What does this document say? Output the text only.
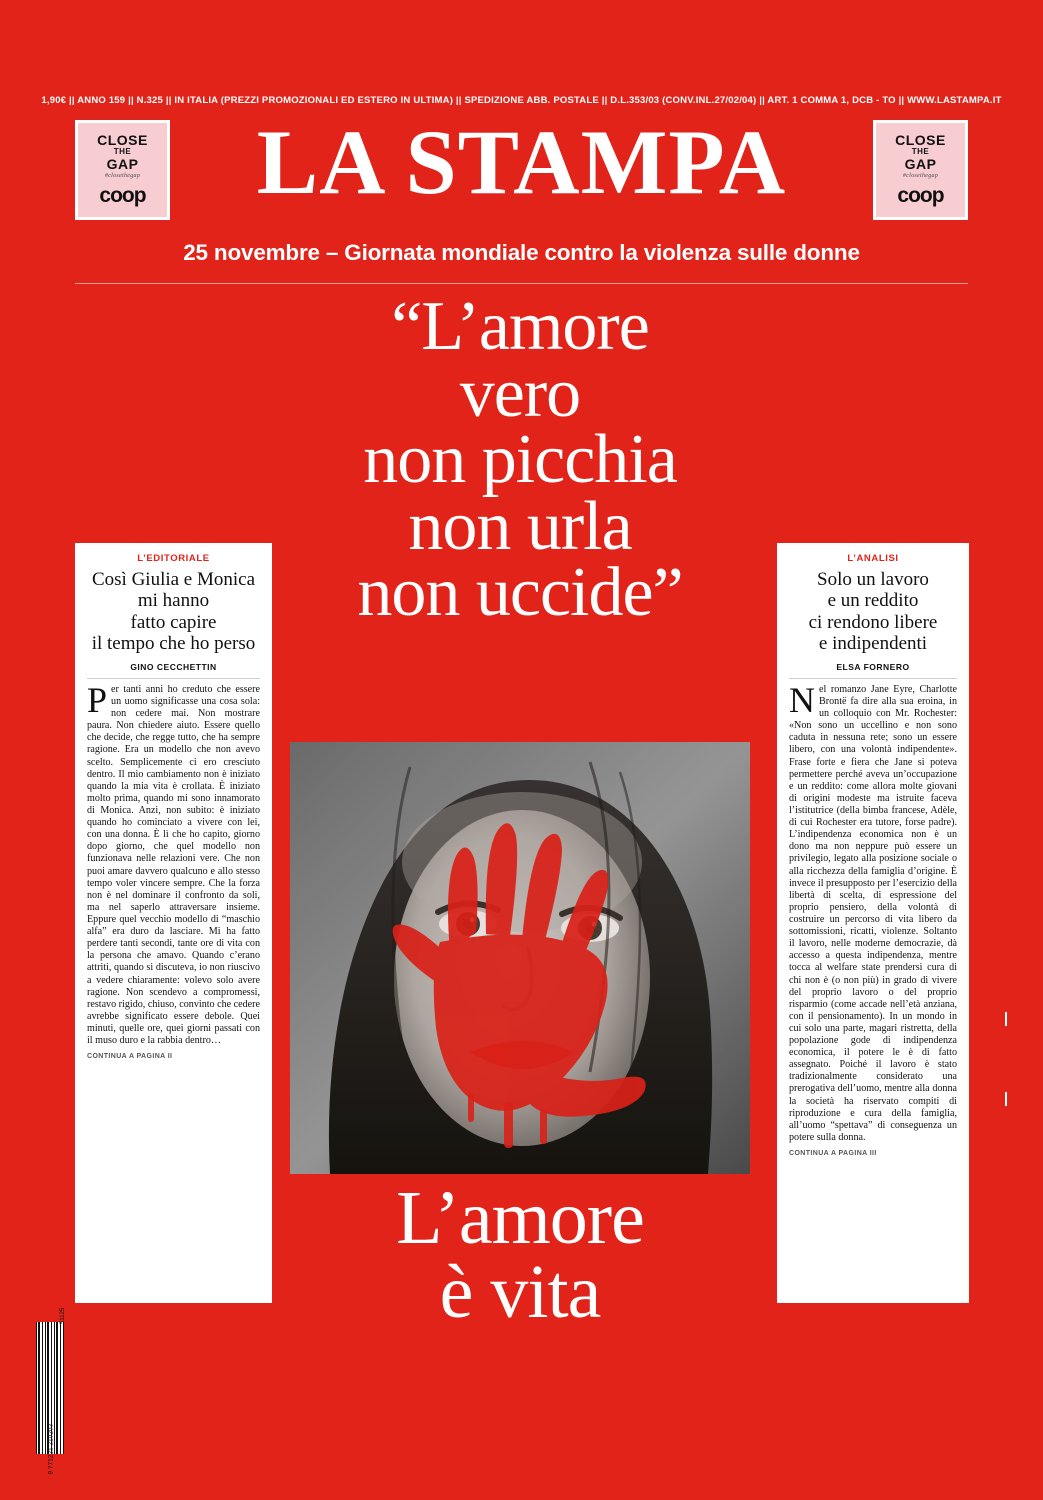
1,90€ || ANNO 159 || N.325 || IN ITALIA (PREZZI PROMOZIONALI ED ESTERO IN ULTIMA) || SPEDIZIONE ABB. POSTALE || D.L.353/03 (CONV.INL.27/02/04) || ART. 1 COMMA 1, DCB - TO || WWW.LASTAMPA.IT
CLOSE
THE
GAP
#closethegap
coop	LA STAMPA	CLOSE
THE
GAP
#closethegap
coop
25 novembre – Giornata mondiale contro la violenza sulle donne
“L’amore
vero
non picchia
non urla
non uccide”
L’amore
è vita
L’EDITORIALE
Così Giulia e Monica
mi hanno
fatto capire
il tempo che ho perso
GINO CECCHETTIN
P er tanti anni ho creduto che essere un uomo significasse una cosa sola: non cedere mai. Non mostrare paura. Non chiedere aiuto. Essere quello che decide, che regge tutto, che ha sempre ragione. Era un modello che non avevo scelto. Semplicemente ci ero cresciuto dentro. Il mio cambiamento non è iniziato quando la mia vita è crollata. È iniziato molto prima, quando mi sono innamorato di Monica. Anzi, non subito: è iniziato quando ho cominciato a vivere con lei, con una donna. È lì che ho capito, giorno dopo giorno, che quel modello non funzionava nelle relazioni vere. Che non puoi amare davvero qualcuno e allo stesso tempo voler vincere sempre. Che la forza non è nel dominare il confronto da soli, ma nel saperlo attraversare insieme. Eppure quel vecchio modello di “maschio alfa” era duro da lasciare. Mi ha fatto perdere tanti secondi, tante ore di vita con la persona che amavo. Quando c’erano attriti, quando si discuteva, io non riuscivo a vedere chiaramente: volevo solo avere ragione. Non scendevo a compromessi, restavo rigido, chiuso, convinto che cedere avrebbe significato essere debole. Quei minuti, quelle ore, quei giorni passati con il muso duro e la rabbia dentro…
CONTINUA A PAGINA II
L’ANALISI
Solo un lavoro
e un reddito
ci rendono libere
e indipendenti
ELSA FORNERO
N el romanzo Jane Eyre, Charlotte Brontë fa dire alla sua eroina, in un colloquio con Mr. Rochester: «Non sono un uccellino e non sono caduta in nessuna rete; sono un essere libero, con una volontà indipendente». Frase forte e fiera che Jane si poteva permettere perché aveva un’occupazione e un reddito: come allora molte giovani di origini modeste ma istruite faceva l’istitutrice (della bimba francese, Adèle, di cui Rochester era tutore, forse padre). L’indipendenza economica non è un dono ma non neppure può essere un privilegio, legato alla posizione sociale o alla ricchezza della famiglia d’origine. È invece il presupposto per l’esercizio della libertà di scelta, di espressione del proprio pensiero, della volontà di costruire un percorso di vita libero da sottomissioni, ricatti, violenze. Soltanto il lavoro, nelle moderne democrazie, dà accesso a questa indipendenza, mentre tocca al welfare state prendersi cura di chi non è (o non più) in grado di vivere del proprio lavoro o del proprio risparmio (come accade nell’età anziana, con il pensionamento). In un mondo in cui solo una parte, magari ristretta, della popolazione gode di indipendenza economica, il potere le è di fatto assegnato. Poiché il lavoro è stato tradizionalmente considerato una prerogativa dell’uomo, mentre alla donna la società ha riservato compiti di riproduzione e cura della famiglia, all’uomo “spettava” di conseguenza un potere sulla donna.
CONTINUA A PAGINA III
9 771221 210203
51125
